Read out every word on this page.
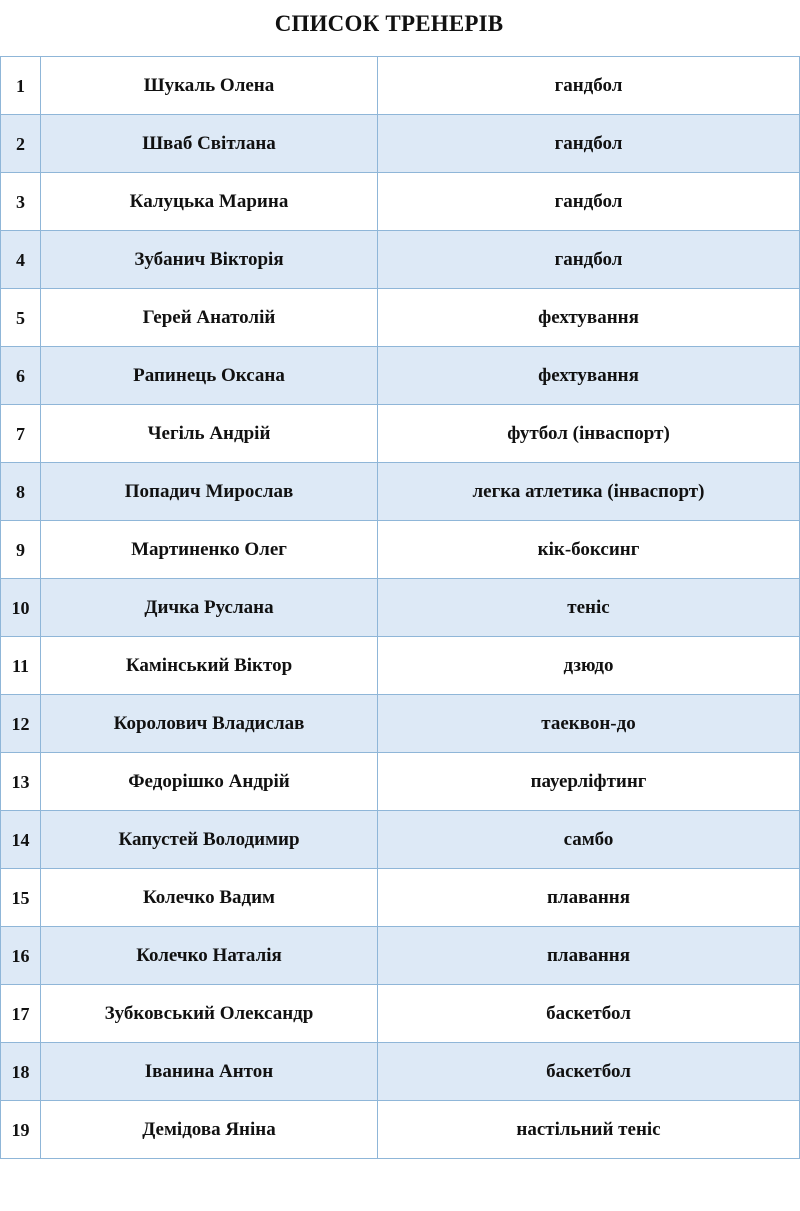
СПИСОК ТРЕНЕРІВ
1	Шукаль Олена	гандбол
2	Шваб Світлана	гандбол
3	Калуцька Марина	гандбол
4	Зубанич Вікторія	гандбол
5	Герей Анатолій	фехтування
6	Рапинець Оксана	фехтування
7	Чегіль Андрій	футбол (інваспорт)
8	Попадич Мирослав	легка атлетика (інваспорт)
9	Мартиненко Олег	кік-боксинг
10	Дичка Руслана	теніс
11	Камінський Віктор	дзюдо
12	Королович Владислав	таеквон-до
13	Федорішко Андрій	пауерліфтинг
14	Капустей Володимир	самбо
15	Колечко Вадим	плавання
16	Колечко Наталія	плавання
17	Зубковський Олександр	баскетбол
18	Іванина Антон	баскетбол
19	Демідова Яніна	настільний теніс
